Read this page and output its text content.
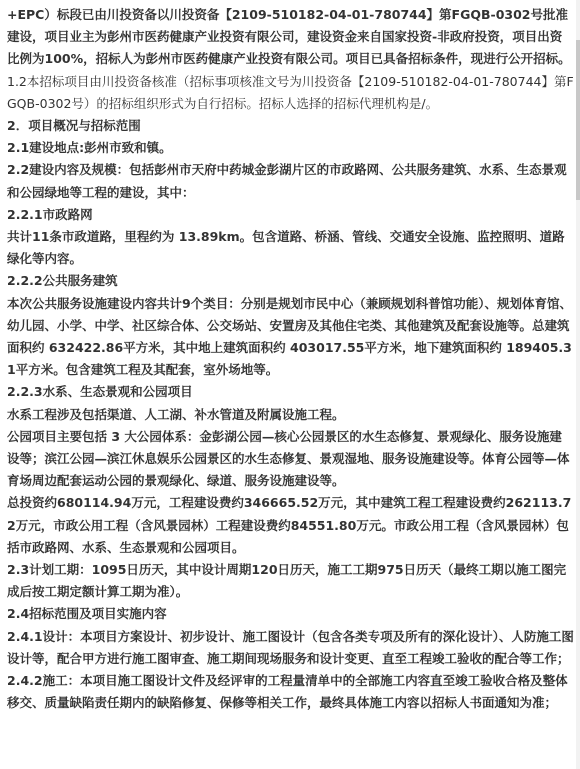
+EPC）标段已由川投资备以川投资备【2109-510182-04-01-780744】第FGQB-0302号批准建设，项目业主为彭州市医药健康产业投资有限公司，建设资金来自国家投资-非政府投资，项目出资比例为100%，招标人为彭州市医药健康产业投资有限公司。项目已具备招标条件，现进行公开招标。

1.2本招标项目由川投资备核准（招标事项核准文号为川投资备【2109-510182-04-01-780744】第FGQB-0302号）的招标组织形式为自行招标。招标人选择的招标代理机构是/。

2．项目概况与招标范围

2.1建设地点:彭州市致和镇。

2.2建设内容及规模：包括彭州市天府中药城金彭湖片区的市政路网、公共服务建筑、水系、生态景观和公园绿地等工程的建设，其中：

2.2.1市政路网

共计11条市政道路，里程约为 13.89km。包含道路、桥涵、管线、交通安全设施、监控照明、道路绿化等内容。

2.2.2公共服务建筑

本次公共服务设施建设内容共计9个类目：分别是规划市民中心（兼顾规划科普馆功能）、规划体育馆、幼儿园、小学、中学、社区综合体、公交场站、安置房及其他住宅类、其他建筑及配套设施等。总建筑面积约 632422.86平方米，其中地上建筑面积约 403017.55平方米，地下建筑面积约 189405.31平方米。包含建筑工程及其配套，室外场地等。

2.2.3水系、生态景观和公园项目

水系工程涉及包括渠道、人工湖、补水管道及附属设施工程。

公园项目主要包括 3 大公园体系：金彭湖公园—核心公园景区的水生态修复、景观绿化、服务设施建设等；滨江公园—滨江休息娱乐公园景区的水生态修复、景观湿地、服务设施建设等。体育公园等—体育场周边配套运动公园的景观绿化、绿道、服务设施建设等。

总投资约680114.94万元，工程建设费约346665.52万元，其中建筑工程工程建设费约262113.72万元，市政公用工程（含风景园林）工程建设费约84551.80万元。市政公用工程（含风景园林）包括市政路网、水系、生态景观和公园项目。

2.3计划工期：1095日历天，其中设计周期120日历天，施工工期975日历天（最终工期以施工图完成后按工期定额计算工期为准）。

2.4招标范围及项目实施内容

2.4.1设计：本项目方案设计、初步设计、施工图设计（包含各类专项及所有的深化设计）、人防施工图设计等，配合甲方进行施工图审查、施工期间现场服务和设计变更、直至工程竣工验收的配合等工作；

2.4.2施工：本项目施工图设计文件及经评审的工程量清单中的全部施工内容直至竣工验收合格及整体移交、质量缺陷责任期内的缺陷修复、保修等相关工作，最终具体施工内容以招标人书面通知为准；
